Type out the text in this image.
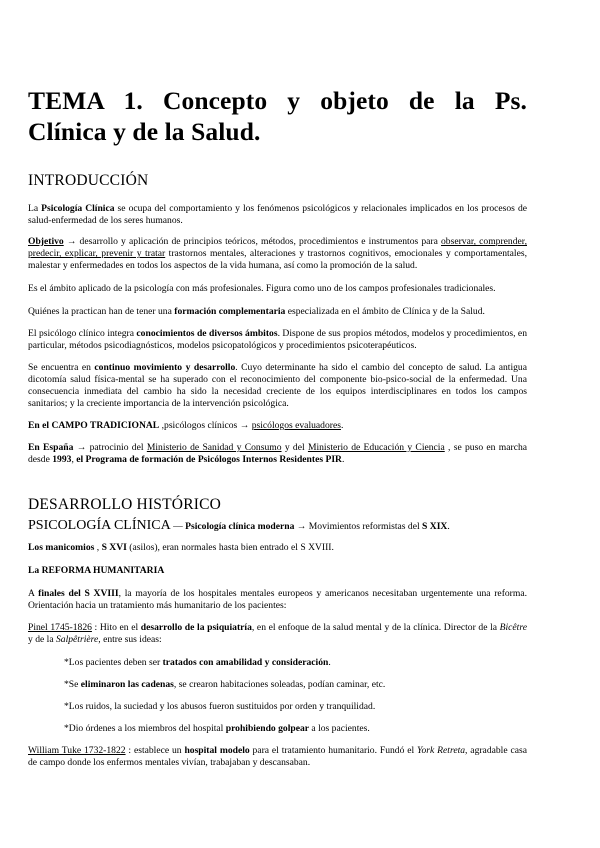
TEMA 1. Concepto y objeto de la Ps.
Clínica y de la Salud.
INTRODUCCIÓN

La Psicología Clínica se ocupa del comportamiento y los fenómenos psicológicos y relacionales implicados en los procesos de salud-enfermedad de los seres humanos.

Objetivo → desarrollo y aplicación de principios teóricos, métodos, procedimientos e instrumentos para observar, comprender, predecir, explicar, prevenir y tratar trastornos mentales, alteraciones y trastornos cognitivos, emocionales y comportamentales, malestar y enfermedades en todos los aspectos de la vida humana, así como la promoción de la salud.

Es el ámbito aplicado de la psicología con más profesionales. Figura como uno de los campos profesionales tradicionales.

Quiénes la practican han de tener una formación complementaria especializada en el ámbito de Clínica y de la Salud.

El psicólogo clínico integra conocimientos de diversos ámbitos. Dispone de sus propios métodos, modelos y procedimientos, en particular, métodos psicodiagnósticos, modelos psicopatológicos y procedimientos psicoterapéuticos.

Se encuentra en continuo movimiento y desarrollo. Cuyo determinante ha sido el cambio del concepto de salud. La antigua dicotomía salud física-mental se ha superado con el reconocimiento del componente bio-psico-social de la enfermedad. Una consecuencia inmediata del cambio ha sido la necesidad creciente de los equipos interdisciplinares en todos los campos sanitarios; y la creciente importancia de la intervención psicológica.

En el CAMPO TRADICIONAL ,psicólogos clínicos → psicólogos evaluadores.

En España → patrocinio del Ministerio de Sanidad y Consumo y del Ministerio de Educación y Ciencia , se puso en marcha desde 1993, el Programa de formación de Psicólogos Internos Residentes PIR.

DESARROLLO HISTÓRICO

PSICOLOGÍA CLÍNICA — Psicología clínica moderna → Movimientos reformistas del S XIX.

Los manicomios , S XVI (asilos), eran normales hasta bien entrado el S XVIII.

La REFORMA HUMANITARIA

A finales del S XVIII, la mayoría de los hospitales mentales europeos y americanos necesitaban urgentemente una reforma. Orientación hacia un tratamiento más humanitario de los pacientes:

Pinel 1745-1826 : Hito en el desarrollo de la psiquiatría, en el enfoque de la salud mental y de la clínica. Director de la Bicêtre y de la Salpêtrière, entre sus ideas:

*Los pacientes deben ser tratados con amabilidad y consideración.

*Se eliminaron las cadenas, se crearon habitaciones soleadas, podían caminar, etc.

*Los ruidos, la suciedad y los abusos fueron sustituidos por orden y tranquilidad.

*Dio órdenes a los miembros del hospital prohibiendo golpear a los pacientes.

William Tuke 1732-1822 : establece un hospital modelo para el tratamiento humanitario. Fundó el York Retreta, agradable casa de campo donde los enfermos mentales vivían, trabajaban y descansaban.
